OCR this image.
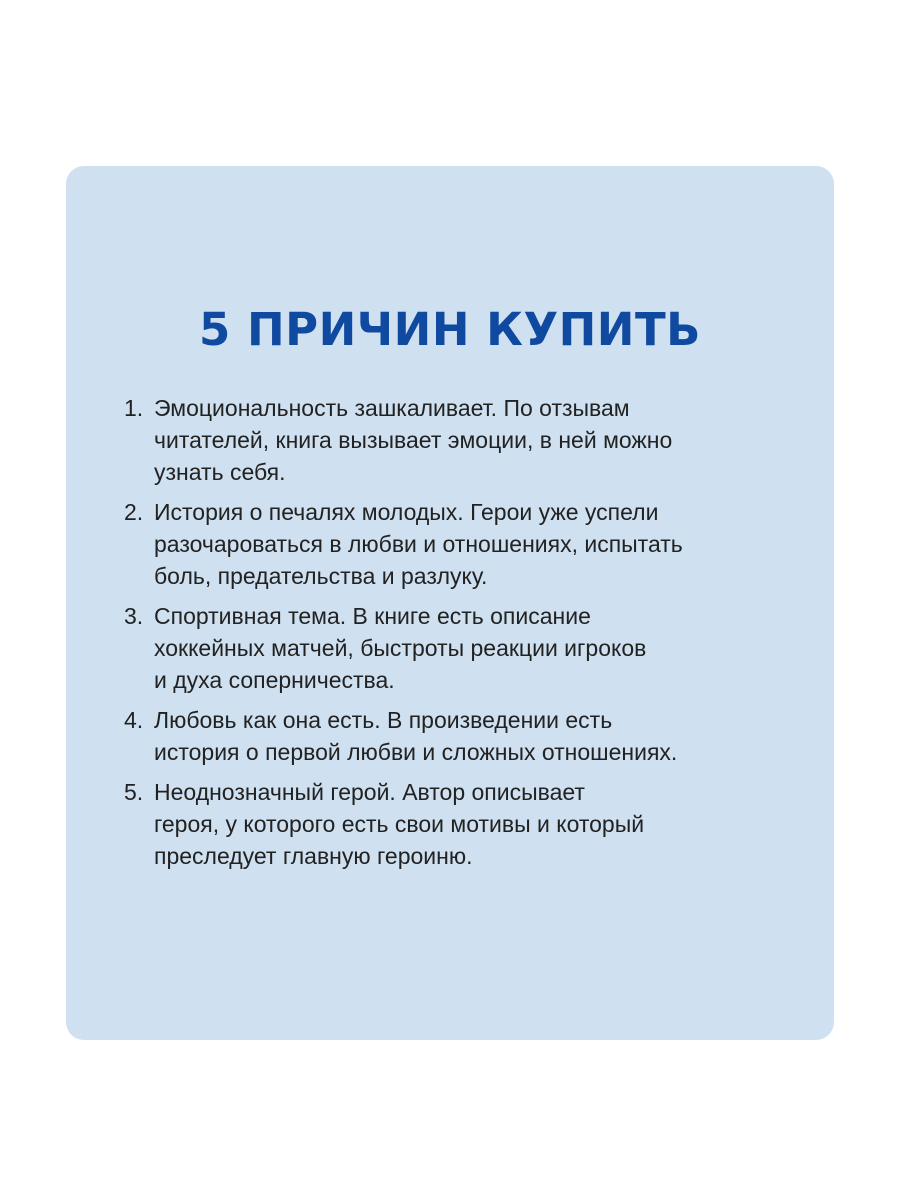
5 ПРИЧИН КУПИТЬ
1. Эмоциональность зашкаливает. По отзывам
читателей, книга вызывает эмоции, в ней можно
узнать себя.
2. История о печалях молодых. Герои уже успели
разочароваться в любви и отношениях, испытать
боль, предательства и разлуку.
3. Спортивная тема. В книге есть описание
хоккейных матчей, быстроты реакции игроков
и духа соперничества.
4. Любовь как она есть. В произведении есть
история о первой любви и сложных отношениях.
5. Неоднозначный герой. Автор описывает
героя, у которого есть свои мотивы и который
преследует главную героиню.
